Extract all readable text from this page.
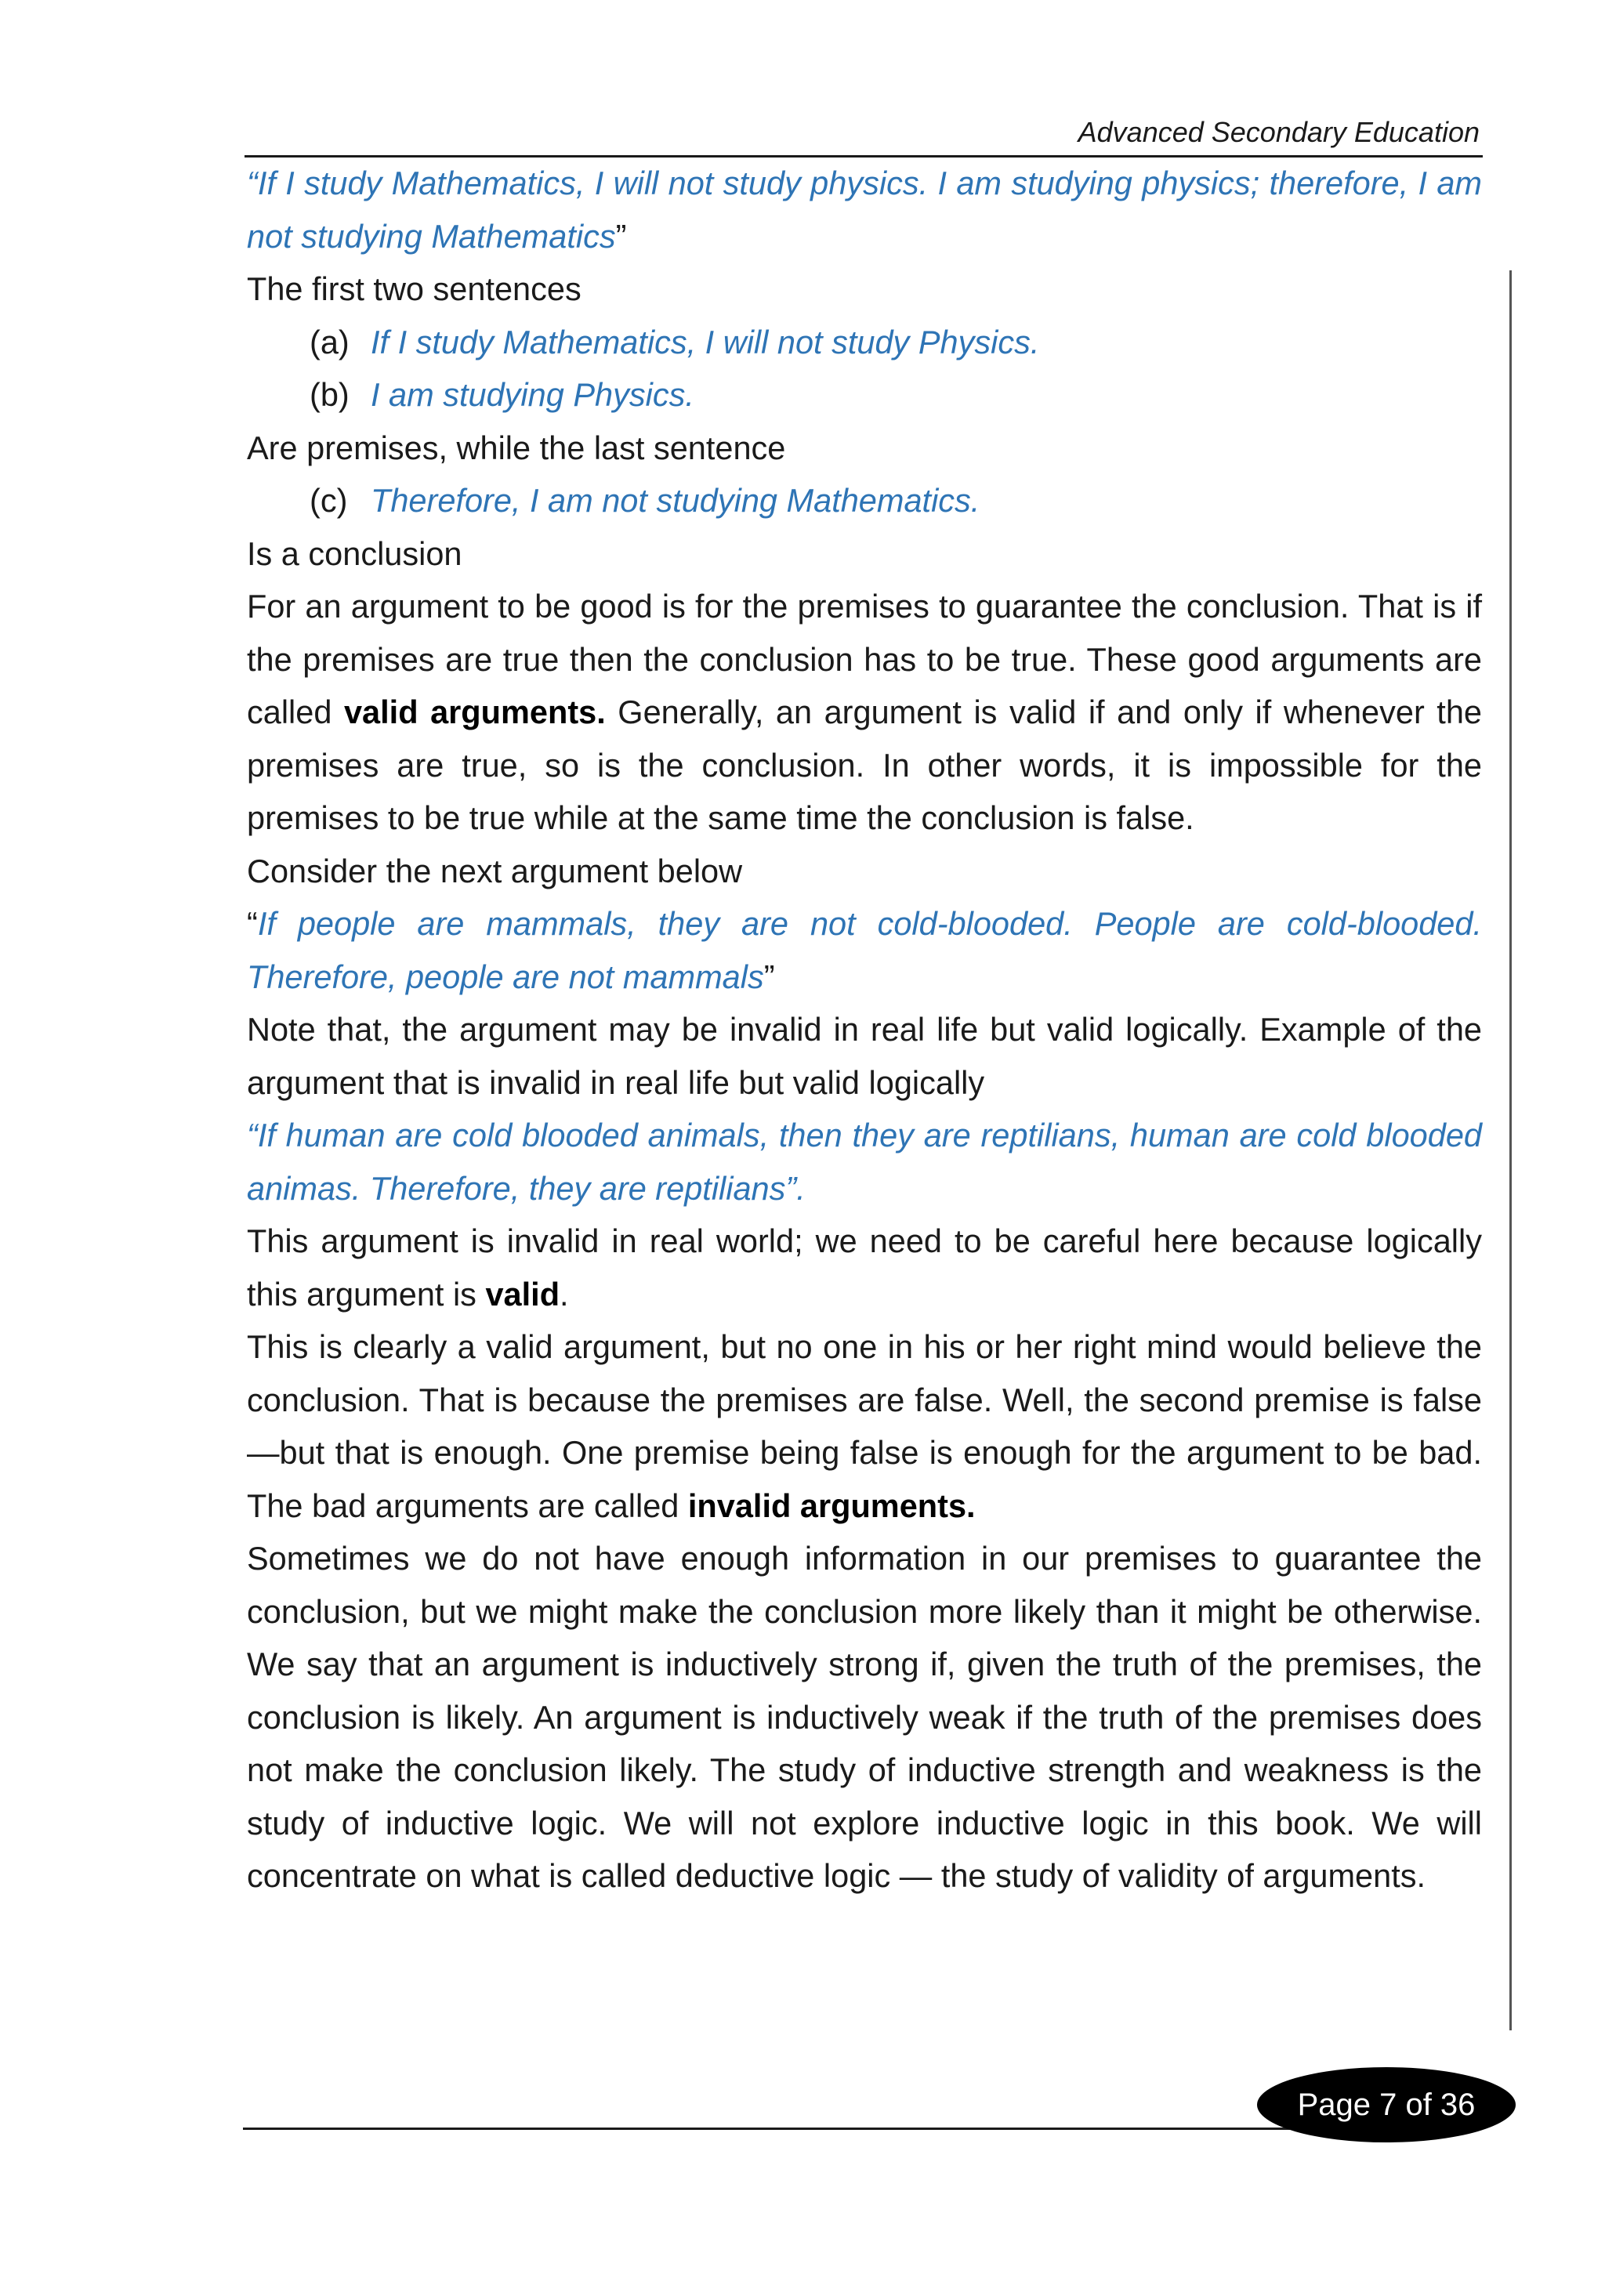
Advanced Secondary Education

“If I study Mathematics, I will not study physics. I am studying physics; therefore, I am not studying Mathematics”

The first two sentences

(a) If I study Mathematics, I will not study Physics.

(b) I am studying Physics.

Are premises, while the last sentence

(c) Therefore, I am not studying Mathematics.

Is a conclusion

For an argument to be good is for the premises to guarantee the conclusion. That is if the premises are true then the conclusion has to be true. These good arguments are called valid arguments. Generally, an argument is valid if and only if whenever the premises are true, so is the conclusion. In other words, it is impossible for the premises to be true while at the same time the conclusion is false.

Consider the next argument below

“If people are mammals, they are not cold-blooded. People are cold-blooded. Therefore, people are not mammals”

Note that, the argument may be invalid in real life but valid logically. Example of the argument that is invalid in real life but valid logically

“If human are cold blooded animals, then they are reptilians, human are cold blooded animas. Therefore, they are reptilians”.

This argument is invalid in real world; we need to be careful here because logically this argument is valid.

This is clearly a valid argument, but no one in his or her right mind would believe the conclusion. That is because the premises are false. Well, the second premise is false—but that is enough. One premise being false is enough for the argument to be bad. The bad arguments are called invalid arguments.

Sometimes we do not have enough information in our premises to guarantee the conclusion, but we might make the conclusion more likely than it might be otherwise. We say that an argument is inductively strong if, given the truth of the premises, the conclusion is likely. An argument is inductively weak if the truth of the premises does not make the conclusion likely. The study of inductive strength and weakness is the study of inductive logic. We will not explore inductive logic in this book. We will concentrate on what is called deductive logic — the study of validity of arguments.

Page 7 of 36
